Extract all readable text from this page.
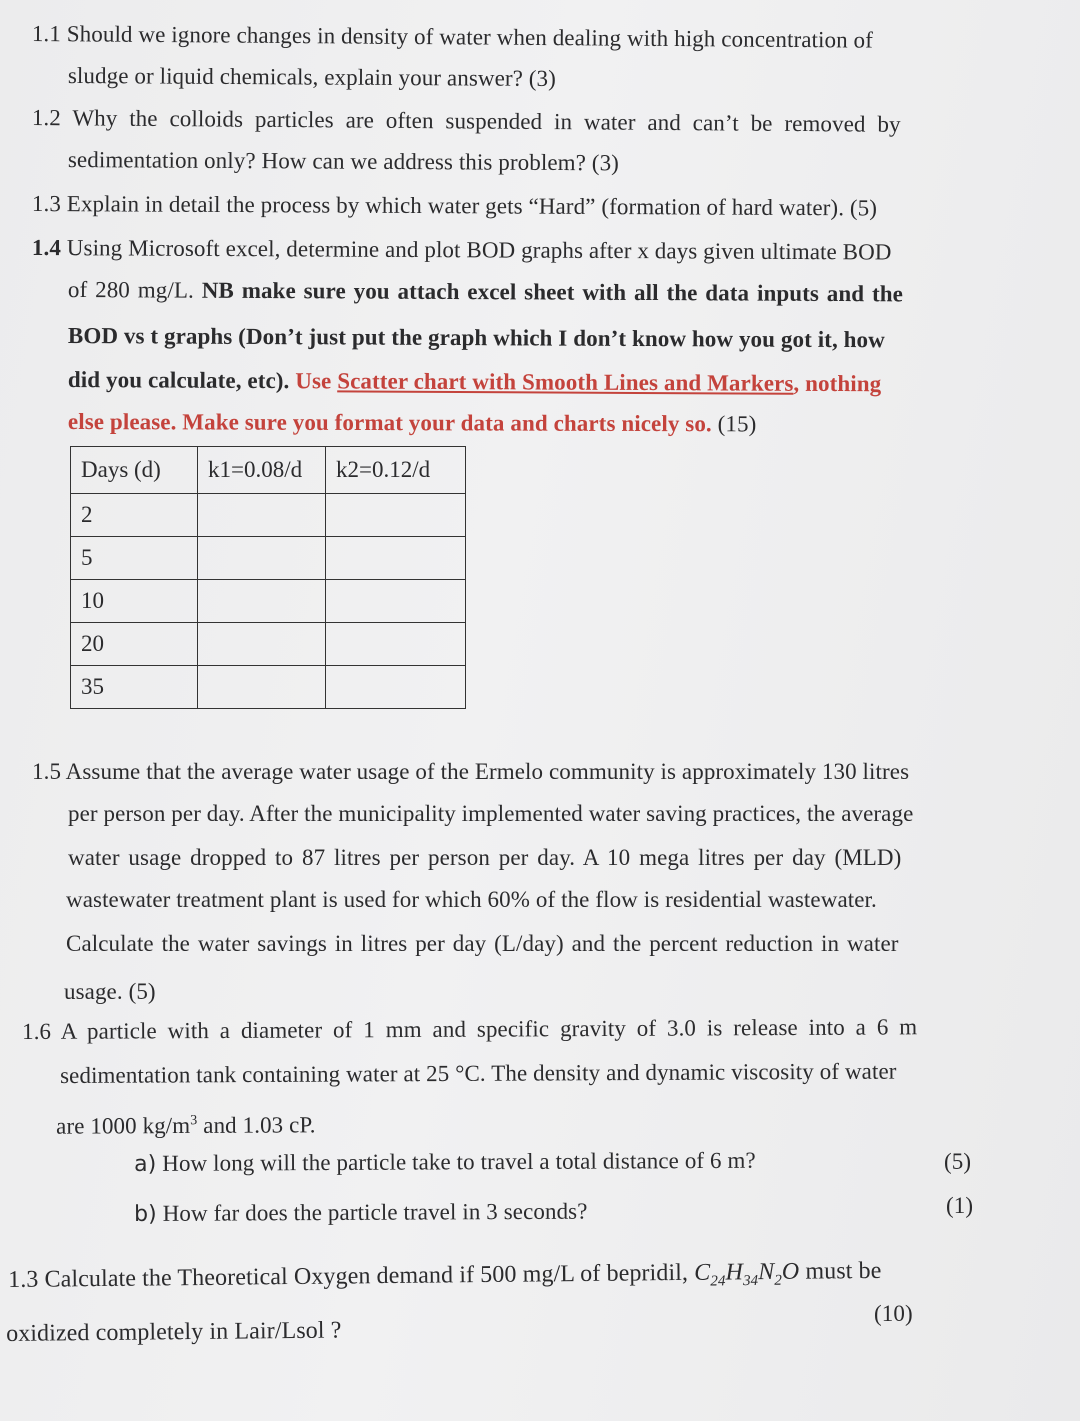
1.1 Should we ignore changes in density of water when dealing with high concentration of
sludge or liquid chemicals, explain your answer? (3)
1.2 Why the colloids particles are often suspended in water and can’t be removed by
sedimentation only? How can we address this problem? (3)
1.3 Explain in detail the process by which water gets “Hard” (formation of hard water). (5)
1.4 Using Microsoft excel, determine and plot BOD graphs after x days given ultimate BOD
of 280 mg/L. NB make sure you attach excel sheet with all the data inputs and the
BOD vs t graphs (Don’t just put the graph which I don’t know how you got it, how
did you calculate, etc). Use Scatter chart with Smooth Lines and Markers, nothing
else please. Make sure you format your data and charts nicely so. (15)
Days (d)	k1=0.08/d	k2=0.12/d
2		
5		
10		
20		
35		
1.5 Assume that the average water usage of the Ermelo community is approximately 130 litres
per person per day. After the municipality implemented water saving practices, the average
water usage dropped to 87 litres per person per day. A 10 mega litres per day (MLD)
wastewater treatment plant is used for which 60% of the flow is residential wastewater.
Calculate the water savings in litres per day (L/day) and the percent reduction in water
usage. (5)
1.6 A particle with a diameter of 1 mm and specific gravity of 3.0 is release into a 6 m
sedimentation tank containing water at 25 °C. The density and dynamic viscosity of water
are 1000 $kg/m^3$ and 1.03 cP.
a) How long will the particle take to travel a total distance of 6 m?	(5)
b) How far does the particle travel in 3 seconds?	(1)
1.3 Calculate the Theoretical Oxygen demand if 500 mg/L of bepridil, $C_{24}H_{34}N_2O$ must be
oxidized completely in Lair/Lsol ?
(10)
